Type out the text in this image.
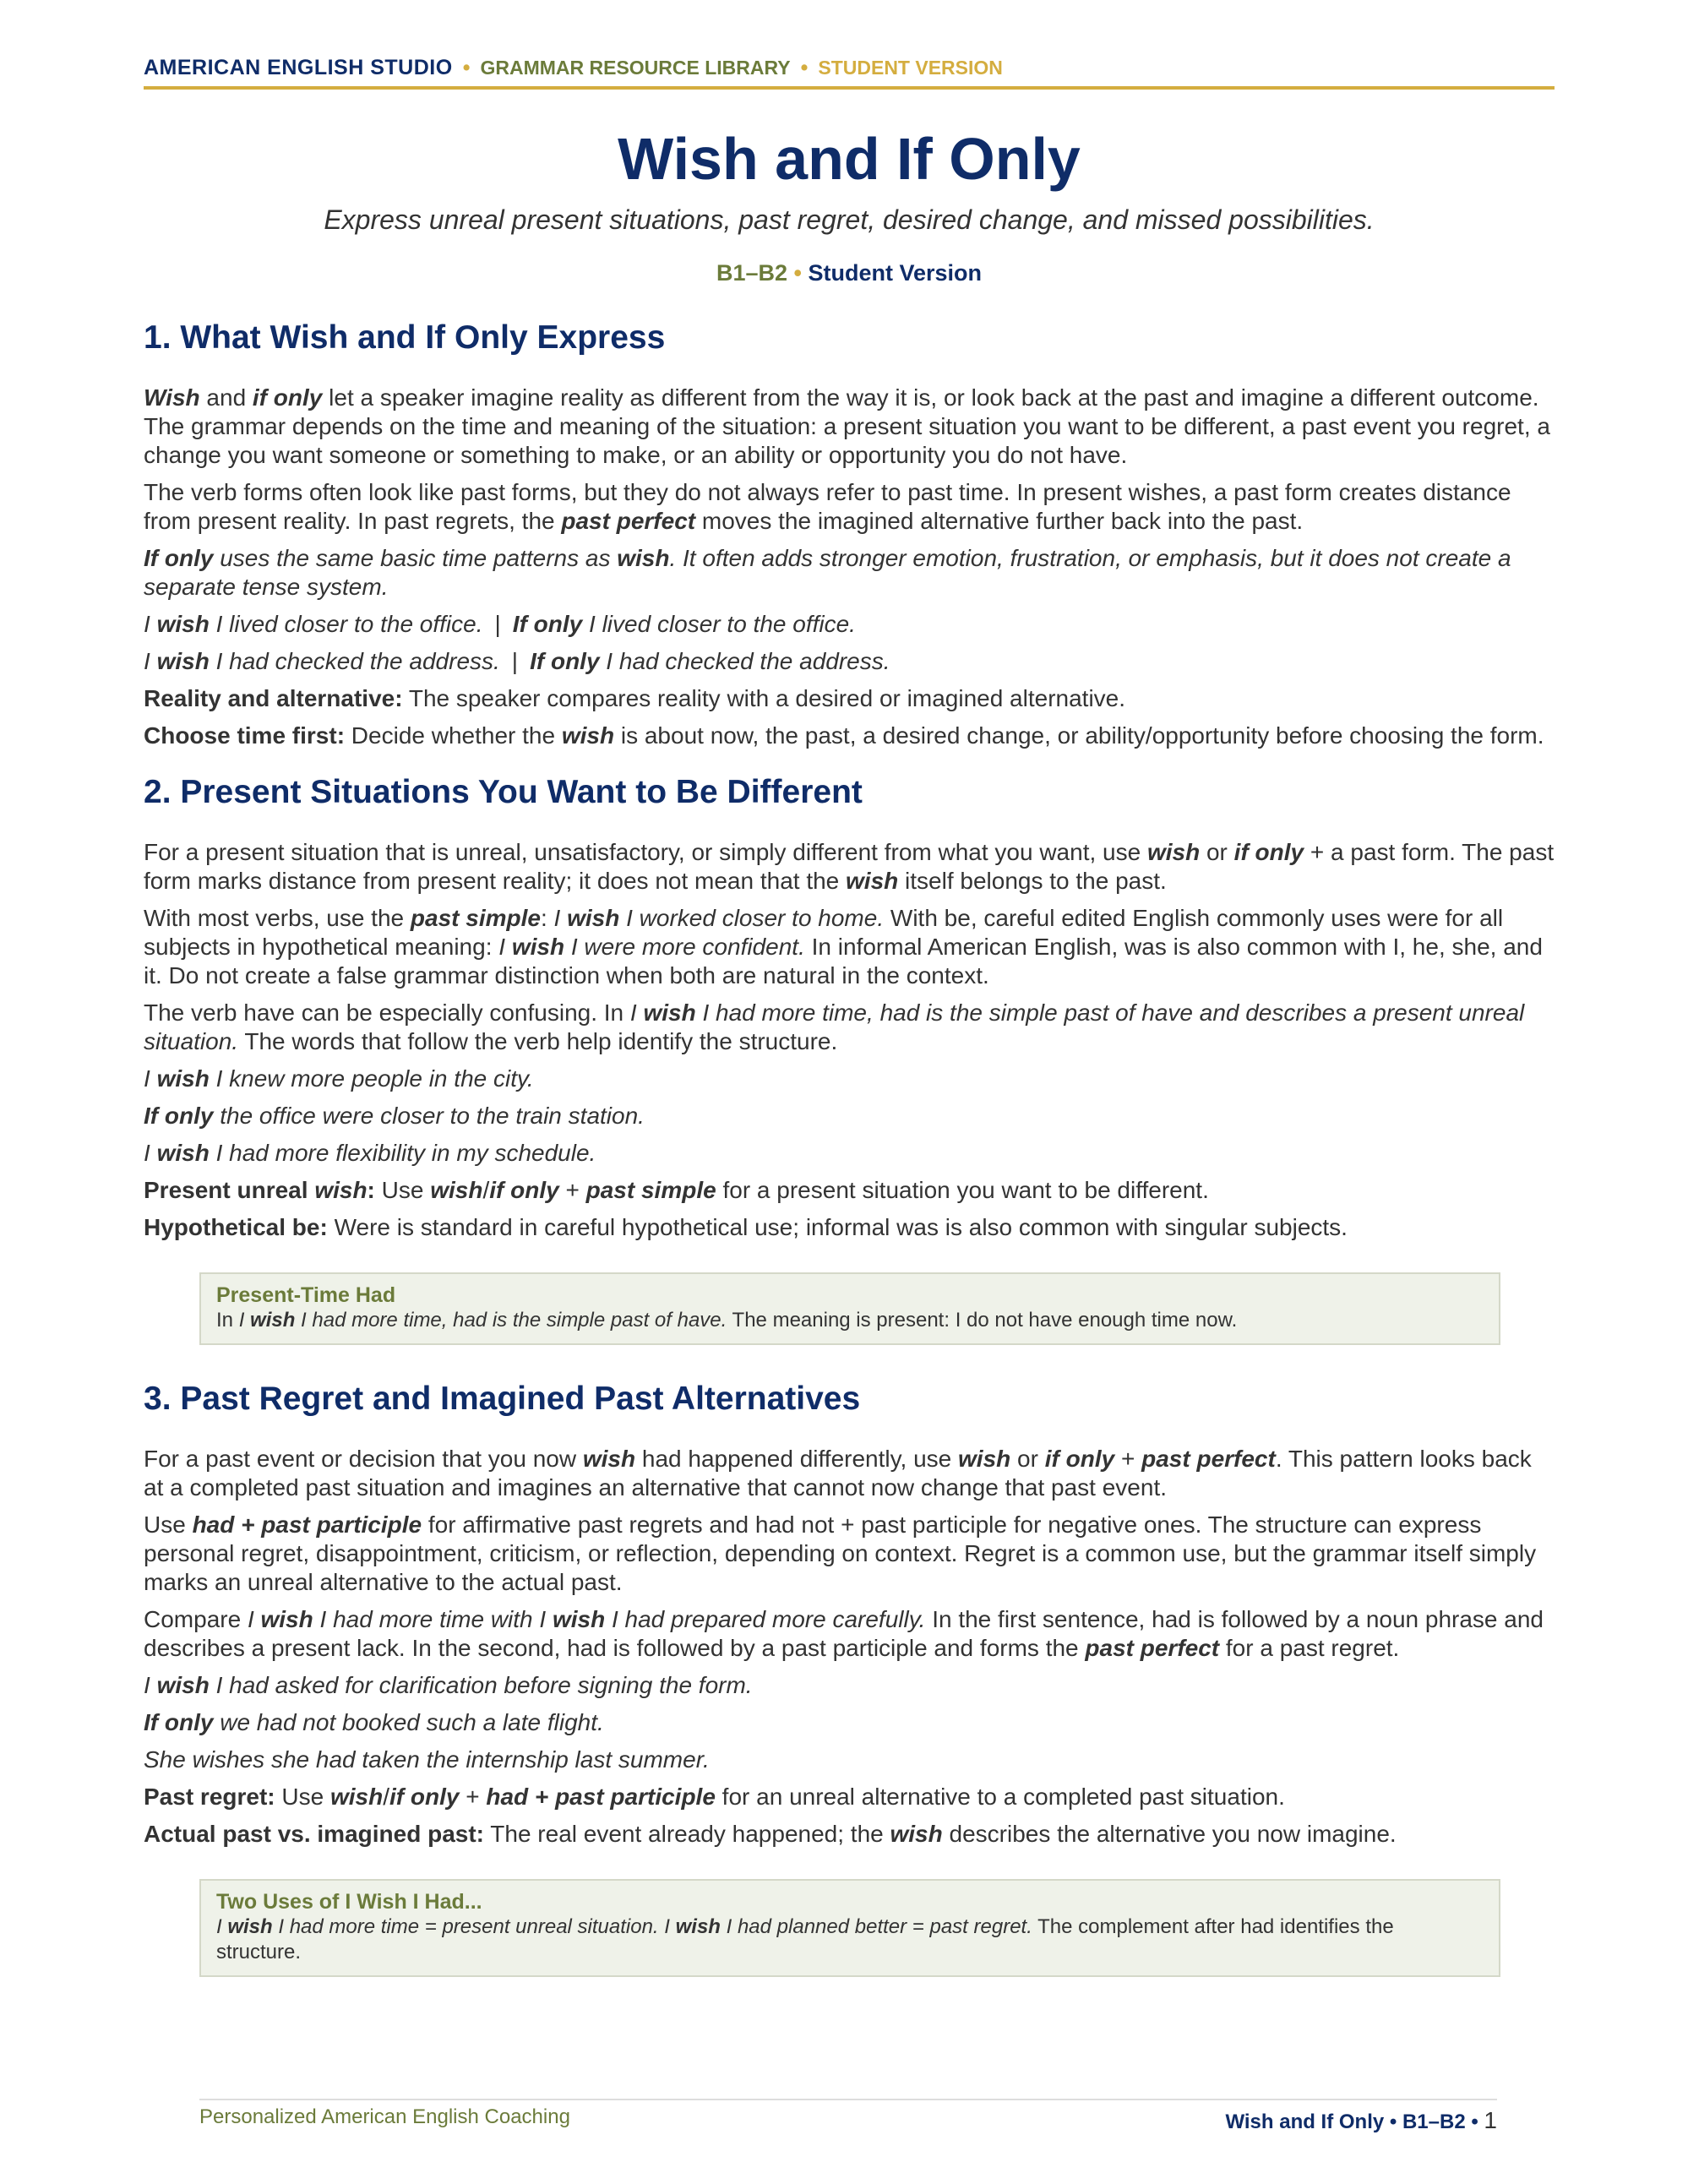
AMERICAN ENGLISH STUDIO • GRAMMAR RESOURCE LIBRARY • STUDENT VERSION
Wish and If Only
Express unreal present situations, past regret, desired change, and missed possibilities.
B1–B2 • Student Version
1. What Wish and If Only Express

Wish and if only let a speaker imagine reality as different from the way it is, or look back at the past and imagine a different outcome. The grammar depends on the time and meaning of the situation: a present situation you want to be different, a past event you regret, a change you want someone or something to make, or an ability or opportunity you do not have.

The verb forms often look like past forms, but they do not always refer to past time. In present wishes, a past form creates distance from present reality. In past regrets, the past perfect moves the imagined alternative further back into the past.

If only uses the same basic time patterns as wish. It often adds stronger emotion, frustration, or emphasis, but it does not create a separate tense system.

I wish I lived closer to the office. | If only I lived closer to the office.

I wish I had checked the address. | If only I had checked the address.

Reality and alternative: The speaker compares reality with a desired or imagined alternative.

Choose time first: Decide whether the wish is about now, the past, a desired change, or ability/opportunity before choosing the form.

2. Present Situations You Want to Be Different

For a present situation that is unreal, unsatisfactory, or simply different from what you want, use wish or if only + a past form. The past form marks distance from present reality; it does not mean that the wish itself belongs to the past.

With most verbs, use the past simple: I wish I worked closer to home. With be, careful edited English commonly uses were for all subjects in hypothetical meaning: I wish I were more confident. In informal American English, was is also common with I, he, she, and it. Do not create a false grammar distinction when both are natural in the context.

The verb have can be especially confusing. In I wish I had more time, had is the simple past of have and describes a present unreal situation. The words that follow the verb help identify the structure.

I wish I knew more people in the city.

If only the office were closer to the train station.

I wish I had more flexibility in my schedule.

Present unreal wish: Use wish/if only + past simple for a present situation you want to be different.

Hypothetical be: Were is standard in careful hypothetical use; informal was is also common with singular subjects.

Present-Time Had
In I wish I had more time, had is the simple past of have. The meaning is present: I do not have enough time now.
3. Past Regret and Imagined Past Alternatives

For a past event or decision that you now wish had happened differently, use wish or if only + past perfect. This pattern looks back at a completed past situation and imagines an alternative that cannot now change that past event.

Use had + past participle for affirmative past regrets and had not + past participle for negative ones. The structure can express personal regret, disappointment, criticism, or reflection, depending on context. Regret is a common use, but the grammar itself simply marks an unreal alternative to the actual past.

Compare I wish I had more time with I wish I had prepared more carefully. In the first sentence, had is followed by a noun phrase and describes a present lack. In the second, had is followed by a past participle and forms the past perfect for a past regret.

I wish I had asked for clarification before signing the form.

If only we had not booked such a late flight.

She wishes she had taken the internship last summer.

Past regret: Use wish/if only + had + past participle for an unreal alternative to a completed past situation.

Actual past vs. imagined past: The real event already happened; the wish describes the alternative you now imagine.

Two Uses of I Wish I Had...
I wish I had more time = present unreal situation. I wish I had planned better = past regret. The complement after had identifies the structure.
Personalized American English Coaching	Wish and If Only • B1–B2 • 1
